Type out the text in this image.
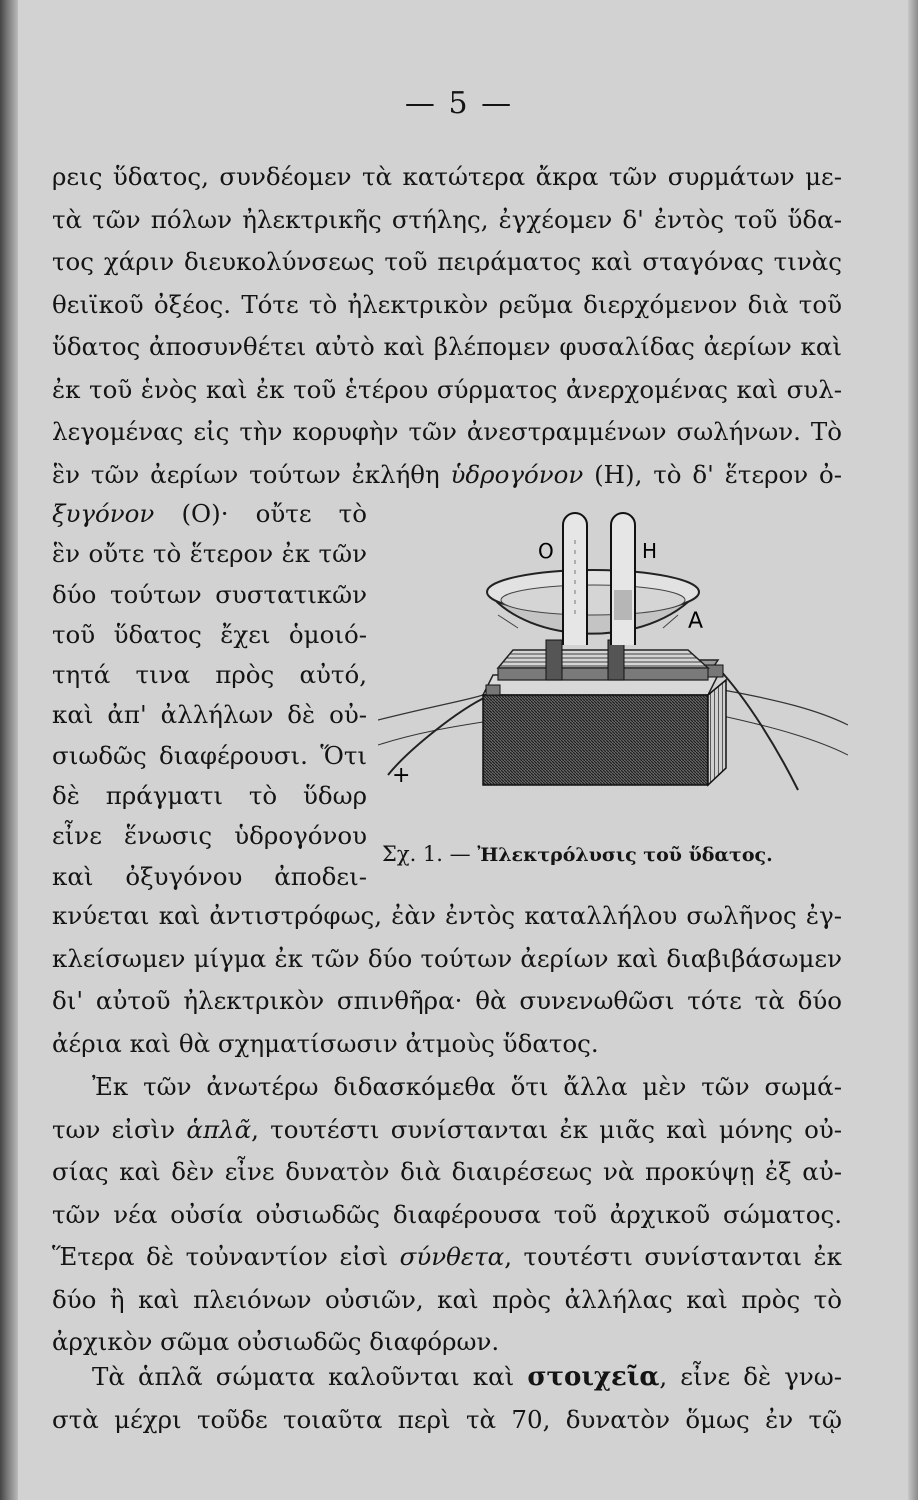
— 5 —
ρεις ὕδατος, συνδέομεν τὰ κατώτερα ἄκρα τῶν συρμάτων με-
τὰ τῶν πόλων ἠλεκτρικῆς στήλης, ἐγχέομεν δ' ἐντὸς τοῦ ὕδα-
τος χάριν διευκολύνσεως τοῦ πειράματος καὶ σταγόνας τινὰς
θειϊκοῦ ὀξέος. Τότε τὸ ἠλεκτρικὸν ρεῦμα διερχόμενον διὰ τοῦ
ὕδατος ἀποσυνθέτει αὐτὸ καὶ βλέπομεν φυσαλίδας ἀερίων καὶ
ἐκ τοῦ ἑνὸς καὶ ἐκ τοῦ ἑτέρου σύρματος ἀνερχομένας καὶ συλ-
λεγομένας εἰς τὴν κορυφὴν τῶν ἀνεστραμμένων σωλήνων. Τὸ
ἓν τῶν ἀερίων τούτων ἐκλήθη ὑδρογόνον (Η), τὸ δ' ἕτερον ὀ-
ξυγόνον (Ο)· οὔτε τὸ
ἓν οὔτε τὸ ἕτερον ἐκ τῶν
δύο τούτων συστατικῶν
τοῦ ὕδατος ἔχει ὁμοιό-
τητά τινα πρὸς αὐτό,
καὶ ἀπ' ἀλλήλων δὲ οὐ-
σιωδῶς διαφέρουσι. Ὅτι
δὲ πράγματι τὸ ὕδωρ
εἶνε ἕνωσις ὑδρογόνου
καὶ ὀξυγόνου ἀποδει-
+
Ο	Η
Α
Σχ. 1. — Ἠλεκτρόλυσις τοῦ ὕδατος.
κνύεται καὶ ἀντιστρόφως, ἐὰν ἐντὸς καταλλήλου σωλῆνος ἐγ-
κλείσωμεν μίγμα ἐκ τῶν δύο τούτων ἀερίων καὶ διαβιβάσωμεν
δι' αὐτοῦ ἠλεκτρικὸν σπινθῆρα· θὰ συνενωθῶσι τότε τὰ δύο
ἀέρια καὶ θὰ σχηματίσωσιν ἀτμοὺς ὕδατος.
Ἐκ τῶν ἀνωτέρω διδασκόμεθα ὅτι ἄλλα μὲν τῶν σωμά-
των εἰσὶν ἁπλᾶ, τουτέστι συνίστανται ἐκ μιᾶς καὶ μόνης οὐ-
σίας καὶ δὲν εἶνε δυνατὸν διὰ διαιρέσεως νὰ προκύψῃ ἐξ αὐ-
τῶν νέα οὐσία οὐσιωδῶς διαφέρουσα τοῦ ἀρχικοῦ σώματος.
Ἕτερα δὲ τοὐναντίον εἰσὶ σύνθετα, τουτέστι συνίστανται ἐκ
δύο ἢ καὶ πλειόνων οὐσιῶν, καὶ πρὸς ἀλλήλας καὶ πρὸς τὸ
ἀρχικὸν σῶμα οὐσιωδῶς διαφόρων.
Τὰ ἁπλᾶ σώματα καλοῦνται καὶ στοιχεῖα, εἶνε δὲ γνω-
στὰ μέχρι τοῦδε τοιαῦτα περὶ τὰ 70, δυνατὸν ὅμως ἐν τῷ
